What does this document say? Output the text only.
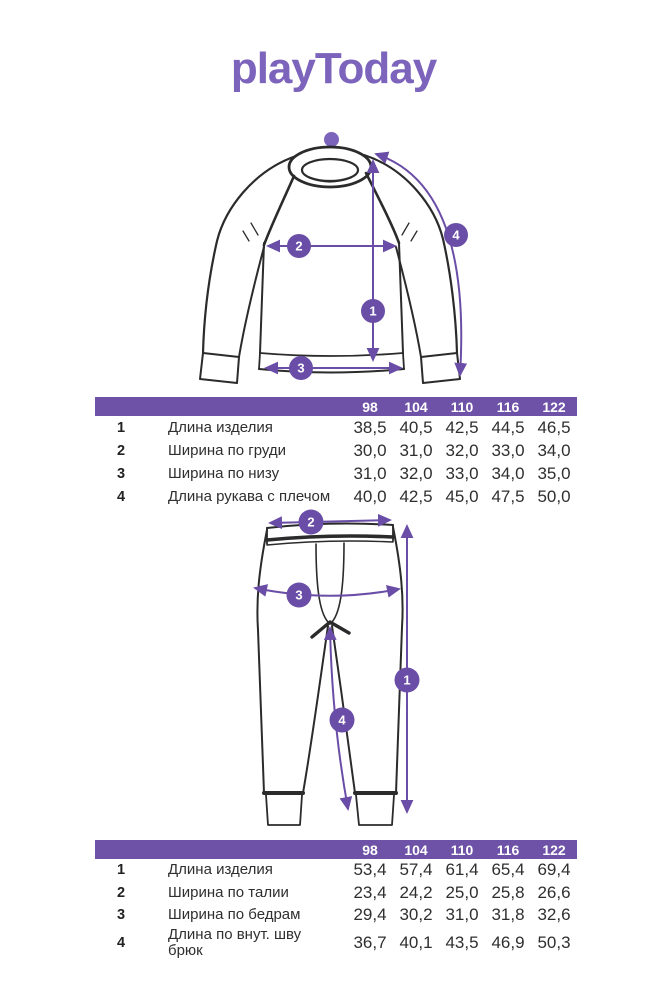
playToday
2
1
3
4
98	104	110	116	122
1	Длина изделия	38,5 40,5 42,5 44,5 46,5
2	Ширина по груди	30,0 31,0 32,0 33,0 34,0
3	Ширина по низу	31,0 32,0 33,0 34,0 35,0
4	Длина рукава с плечом	40,0 42,5 45,0 47,5 50,0
2
3
1
4
98	104	110	116	122
1	Длина изделия	53,4 57,4 61,4 65,4 69,4
2	Ширина по талии	23,4 24,2 25,0 25,8 26,6
3	Ширина по бедрам	29,4 30,2 31,0 31,8 32,6
4	Длина по внут. шву брюк	36,7 40,1 43,5 46,9 50,3
